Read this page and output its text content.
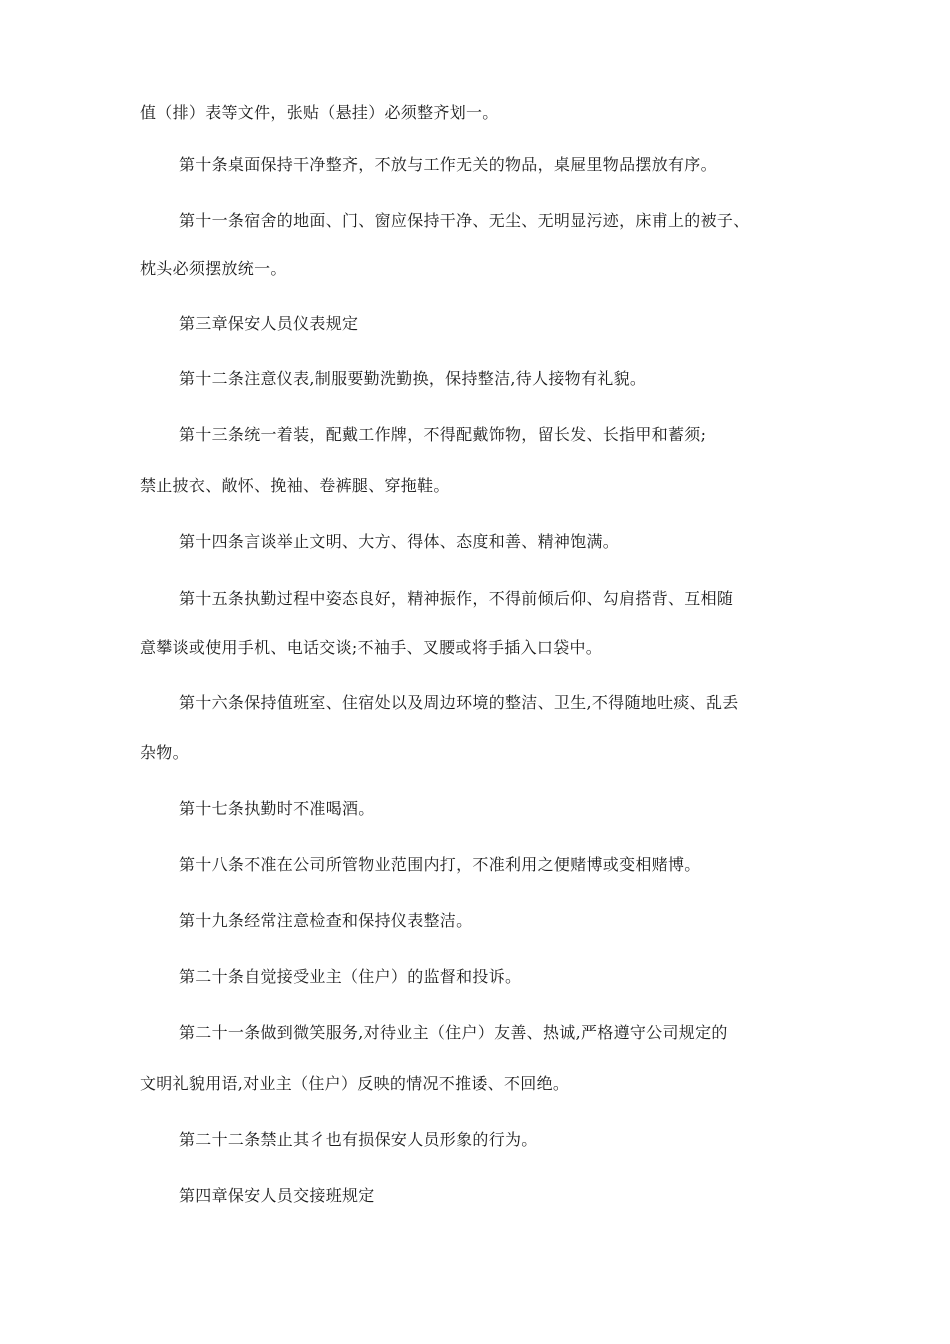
值（排）表等文件，张贴（悬挂）必须整齐划一。
第十条桌面保持干净整齐，不放与工作无关的物品，桌屉里物品摆放有序。
第十一条宿舍的地面、门、窗应保持干净、无尘、无明显污迹，床甫上的被子、
枕头必须摆放统一。
第三章保安人员仪表规定
第十二条注意仪表,制服要勤洗勤换，保持整洁,待人接物有礼貌。
第十三条统一着装，配戴工作牌，不得配戴饰物，留长发、长指甲和蓄须;
禁止披衣、敞怀、挽袖、卷裤腿、穿拖鞋。
第十四条言谈举止文明、大方、得体、态度和善、精神饱满。
第十五条执勤过程中姿态良好，精神振作，不得前倾后仰、勾肩搭背、互相随
意攀谈或使用手机、电话交谈;不袖手、叉腰或将手插入口袋中。
第十六条保持值班室、住宿处以及周边环境的整洁、卫生,不得随地吐痰、乱丢
杂物。
第十七条执勤时不准喝酒。
第十八条不准在公司所管物业范围内打，不准利用之便赌博或变相赌博。
第十九条经常注意检查和保持仪表整洁。
第二十条自觉接受业主（住户）的监督和投诉。
第二十一条做到微笑服务,对待业主（住户）友善、热诚,严格遵守公司规定的
文明礼貌用语,对业主（住户）反映的情况不推诿、不回绝。
第二十二条禁止其彳也有损保安人员形象的行为。
第四章保安人员交接班规定
